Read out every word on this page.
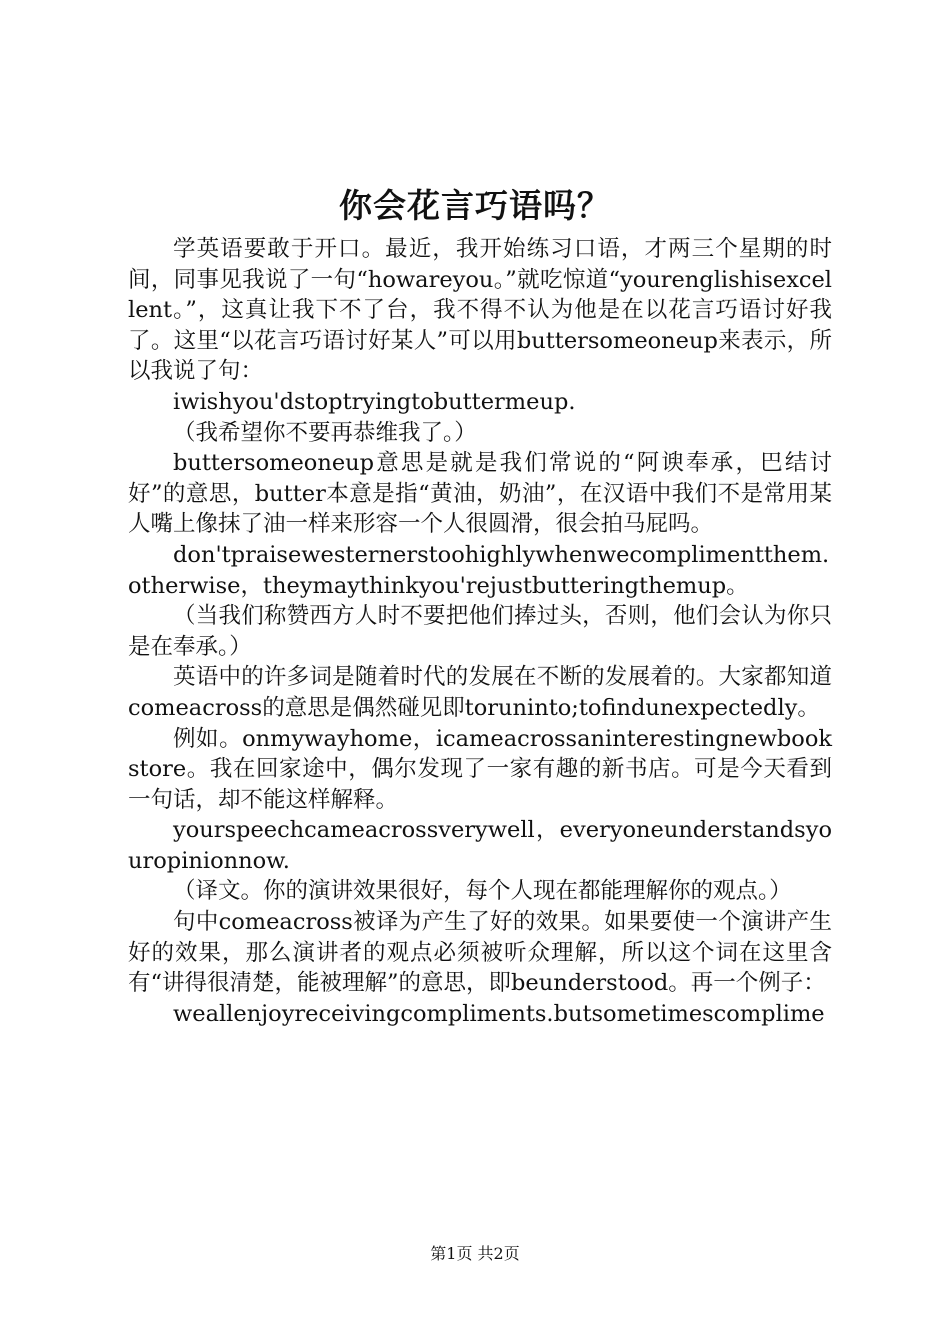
你会花言巧语吗？

学英语要敢于开口。最近，我开始练习口语，才两三个星期的时间，同事见我说了一句“howareyou。”就吃惊道“yourenglishisexcellent。”，这真让我下不了台，我不得不认为他是在以花言巧语讨好我了。这里“以花言巧语讨好某人”可以用buttersomeoneup来表示，所以我说了句：

iwishyou'dstoptryingtobuttermeup.

（我希望你不要再恭维我了。）

buttersomeoneup意思是就是我们常说的“阿谀奉承，巴结讨好”的意思，butter本意是指“黄油，奶油”，在汉语中我们不是常用某人嘴上像抹了油一样来形容一个人很圆滑，很会拍马屁吗。

don'tpraisewesternerstoohighlywhenwecomplimentthem.otherwise，theymaythinkyou'rejustbutteringthemup。

（当我们称赞西方人时不要把他们捧过头，否则，他们会认为你只是在奉承。）

英语中的许多词是随着时代的发展在不断的发展着的。大家都知道comeacross的意思是偶然碰见即toruninto;tofindunexpectedly。

例如。onmywayhome，icameacrossaninterestingnewbookstore。我在回家途中，偶尔发现了一家有趣的新书店。可是今天看到一句话，却不能这样解释。

yourspeechcameacrossverywell，everyoneunderstandsyouropinionnow.

（译文。你的演讲效果很好，每个人现在都能理解你的观点。）

句中comeacross被译为产生了好的效果。如果要使一个演讲产生好的效果，那么演讲者的观点必须被听众理解，所以这个词在这里含有“讲得很清楚，能被理解”的意思，即beunderstood。再一个例子：

weallenjoyreceivingcompliments.butsometimescomplime

第1页 共2页
